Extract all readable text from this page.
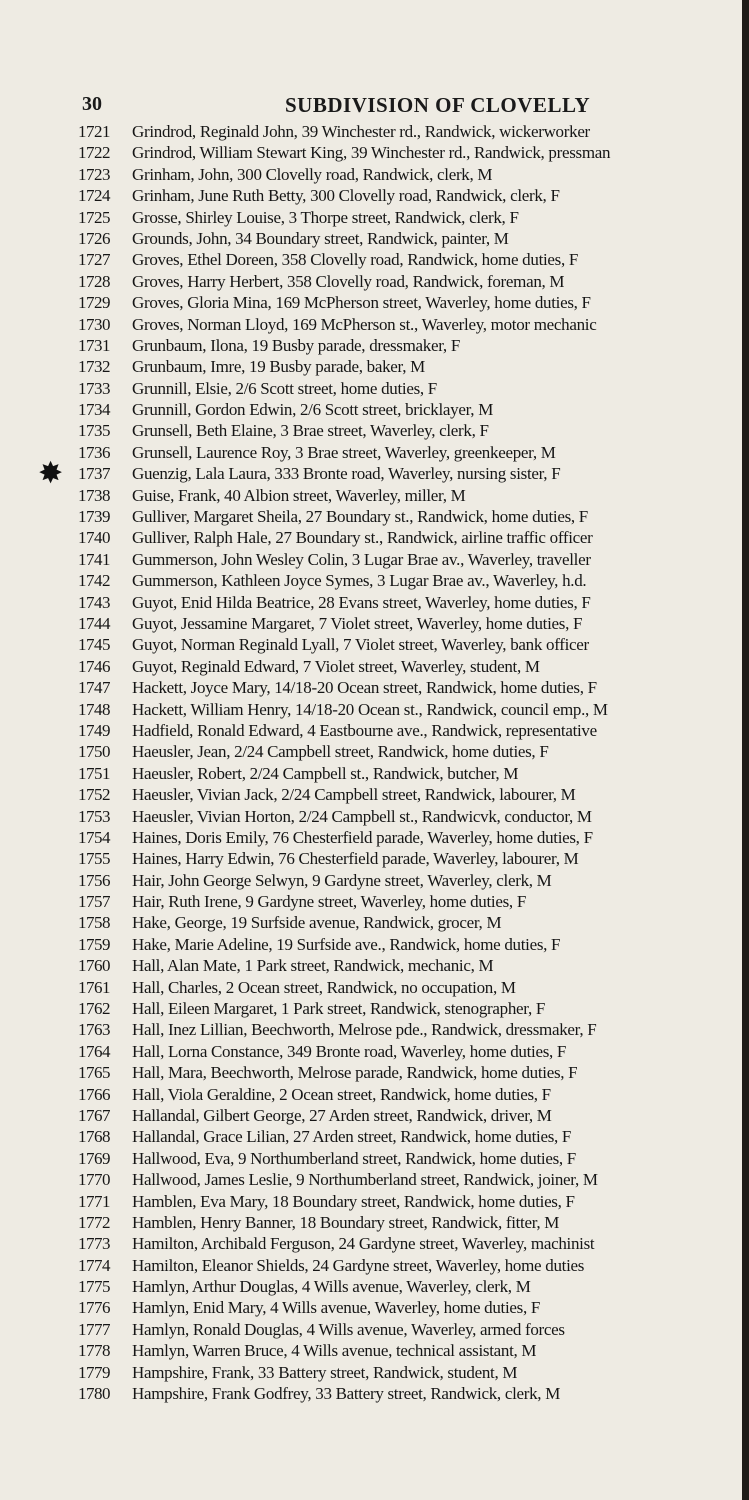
30	SUBDIVISION OF CLOVELLY
1721	Grindrod, Reginald John, 39 Winchester rd., Randwick, wickerworker
1722	Grindrod, William Stewart King, 39 Winchester rd., Randwick, pressman
1723	Grinham, John, 300 Clovelly road, Randwick, clerk, M
1724	Grinham, June Ruth Betty, 300 Clovelly road, Randwick, clerk, F
1725	Grosse, Shirley Louise, 3 Thorpe street, Randwick, clerk, F
1726	Grounds, John, 34 Boundary street, Randwick, painter, M
1727	Groves, Ethel Doreen, 358 Clovelly road, Randwick, home duties, F
1728	Groves, Harry Herbert, 358 Clovelly road, Randwick, foreman, M
1729	Groves, Gloria Mina, 169 McPherson street, Waverley, home duties, F
1730	Groves, Norman Lloyd, 169 McPherson st., Waverley, motor mechanic
1731	Grunbaum, Ilona, 19 Busby parade, dressmaker, F
1732	Grunbaum, Imre, 19 Busby parade, baker, M
1733	Grunnill, Elsie, 2/6 Scott street, home duties, F
1734	Grunnill, Gordon Edwin, 2/6 Scott street, bricklayer, M
1735	Grunsell, Beth Elaine, 3 Brae street, Waverley, clerk, F
1736	Grunsell, Laurence Roy, 3 Brae street, Waverley, greenkeeper, M
✸ 1737	Guenzig, Lala Laura, 333 Bronte road, Waverley, nursing sister, F
1738	Guise, Frank, 40 Albion street, Waverley, miller, M
1739	Gulliver, Margaret Sheila, 27 Boundary st., Randwick, home duties, F
1740	Gulliver, Ralph Hale, 27 Boundary st., Randwick, airline traffic officer
1741	Gummerson, John Wesley Colin, 3 Lugar Brae av., Waverley, traveller
1742	Gummerson, Kathleen Joyce Symes, 3 Lugar Brae av., Waverley, h.d.
1743	Guyot, Enid Hilda Beatrice, 28 Evans street, Waverley, home duties, F
1744	Guyot, Jessamine Margaret, 7 Violet street, Waverley, home duties, F
1745	Guyot, Norman Reginald Lyall, 7 Violet street, Waverley, bank officer
1746	Guyot, Reginald Edward, 7 Violet street, Waverley, student, M
1747	Hackett, Joyce Mary, 14/18-20 Ocean street, Randwick, home duties, F
1748	Hackett, William Henry, 14/18-20 Ocean st., Randwick, council emp., M
1749	Hadfield, Ronald Edward, 4 Eastbourne ave., Randwick, representative
1750	Haeusler, Jean, 2/24 Campbell street, Randwick, home duties, F
1751	Haeusler, Robert, 2/24 Campbell st., Randwick, butcher, M
1752	Haeusler, Vivian Jack, 2/24 Campbell street, Randwick, labourer, M
1753	Haeusler, Vivian Horton, 2/24 Campbell st., Randwicvk, conductor, M
1754	Haines, Doris Emily, 76 Chesterfield parade, Waverley, home duties, F
1755	Haines, Harry Edwin, 76 Chesterfield parade, Waverley, labourer, M
1756	Hair, John George Selwyn, 9 Gardyne street, Waverley, clerk, M
1757	Hair, Ruth Irene, 9 Gardyne street, Waverley, home duties, F
1758	Hake, George, 19 Surfside avenue, Randwick, grocer, M
1759	Hake, Marie Adeline, 19 Surfside ave., Randwick, home duties, F
1760	Hall, Alan Mate, 1 Park street, Randwick, mechanic, M
1761	Hall, Charles, 2 Ocean street, Randwick, no occupation, M
1762	Hall, Eileen Margaret, 1 Park street, Randwick, stenographer, F
1763	Hall, Inez Lillian, Beechworth, Melrose pde., Randwick, dressmaker, F
1764	Hall, Lorna Constance, 349 Bronte road, Waverley, home duties, F
1765	Hall, Mara, Beechworth, Melrose parade, Randwick, home duties, F
1766	Hall, Viola Geraldine, 2 Ocean street, Randwick, home duties, F
1767	Hallandal, Gilbert George, 27 Arden street, Randwick, driver, M
1768	Hallandal, Grace Lilian, 27 Arden street, Randwick, home duties, F
1769	Hallwood, Eva, 9 Northumberland street, Randwick, home duties, F
1770	Hallwood, James Leslie, 9 Northumberland street, Randwick, joiner, M
1771	Hamblen, Eva Mary, 18 Boundary street, Randwick, home duties, F
1772	Hamblen, Henry Banner, 18 Boundary street, Randwick, fitter, M
1773	Hamilton, Archibald Ferguson, 24 Gardyne street, Waverley, machinist
1774	Hamilton, Eleanor Shields, 24 Gardyne street, Waverley, home duties
1775	Hamlyn, Arthur Douglas, 4 Wills avenue, Waverley, clerk, M
1776	Hamlyn, Enid Mary, 4 Wills avenue, Waverley, home duties, F
1777	Hamlyn, Ronald Douglas, 4 Wills avenue, Waverley, armed forces
1778	Hamlyn, Warren Bruce, 4 Wills avenue, technical assistant, M
1779	Hampshire, Frank, 33 Battery street, Randwick, student, M
1780	Hampshire, Frank Godfrey, 33 Battery street, Randwick, clerk, M
